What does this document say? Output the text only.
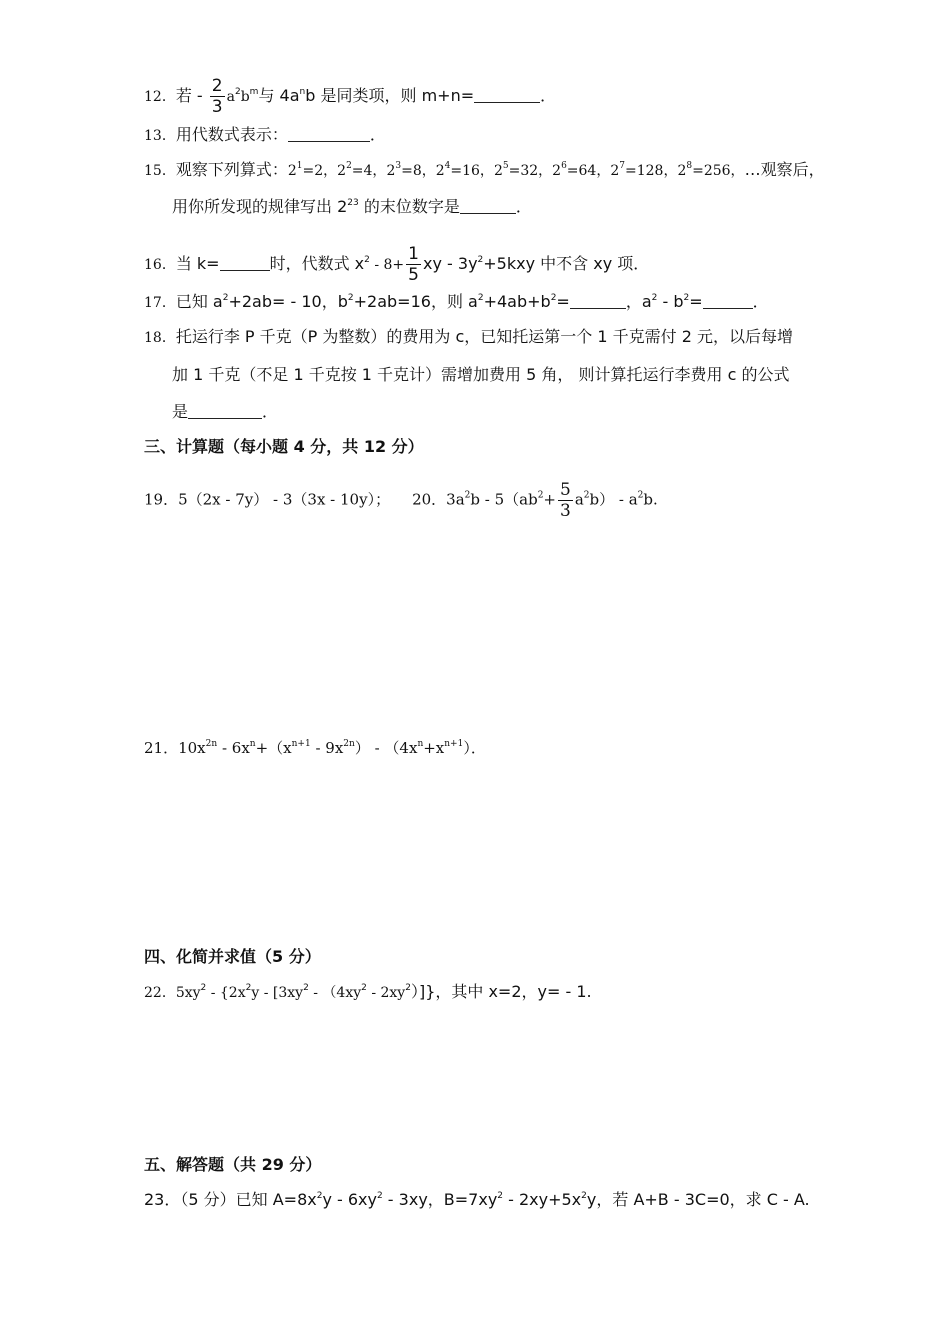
12．若 - $\frac{2}{3} a^2b^m$与 $4a^nb$ 是同类项，则 m+n=	．
13．用代数式表示：	．
15．观察下列算式：$2^1=2$，$2^2=4$，$2^3=8$，$2^4=16$，$2^5=32$，$2^6=64$，$2^7=128$，$2^8=256$，…观察后，
用你所发现的规律写出 $2^{23}$ 的末位数字是	．
16．当 k=	时，代数式 $x^2 - 8+ \frac{1}{5}$ xy - $3y^2+5kxy$ 中不含 xy 项．
17．已知 $a^2+2ab= - 10$，$b^2+2ab=16$，则 $a^2+4ab+b^2=$	，$a^2 - b^2=$	．
18．托运行李 P 千克（P 为整数）的费用为 c，已知托运第一个 1 千克需付 2 元，以后每增
加 1 千克（不足 1 千克按 1 千克计）需增加费用 5 角， 则计算托运行李费用 c 的公式
是	．
三、计算题（每小题 4 分，共 12 分）
19．5（2x - 7y） - 3（3x - 10y）； 20．$3a^2b - 5(ab^2+ \frac{5}{3} a^2b) - a^2b$.
21．$10x^{2n} - 6x^n+(x^{n+1} - 9x^{2n}) - (4x^n+x^{n+1})$．
四、化简并求值（5 分）
22．$5xy^2 - \{2x^2y - [3xy^2 - (4xy^2 - 2xy^2)]\}$，其中 x=2，y= - 1.
五、解答题（共 29 分）
23．（5 分）已知 $A=8x^2y - 6xy^2 - 3xy$，$B=7xy^2 - 2xy+5x^2y$，若 A+B - 3C=0，求 C - A.
